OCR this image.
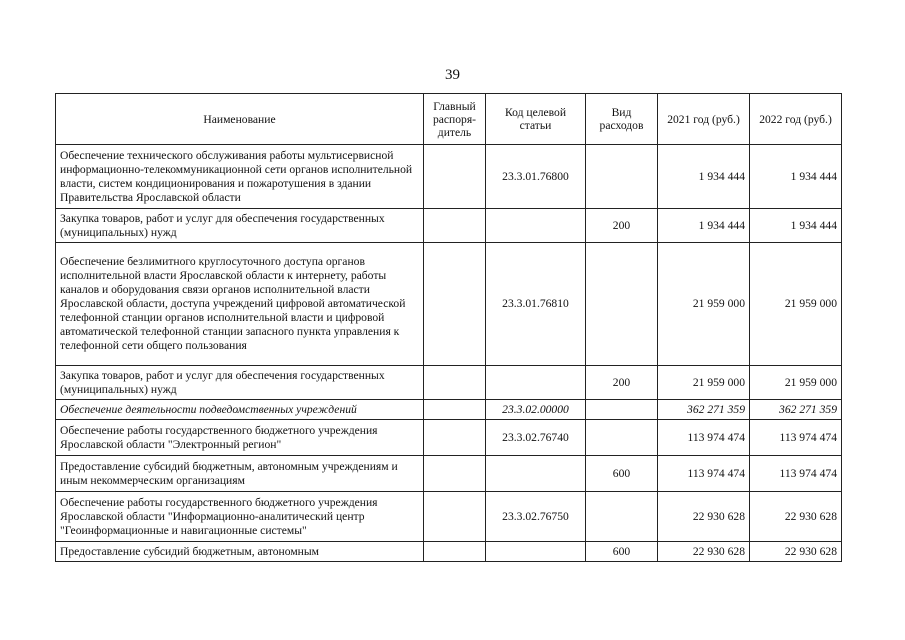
39
Наименование	Главный распоря- дитель	Код целевой статьи	Вид расходов	2021 год (руб.)	2022 год (руб.)
Обеспечение технического обслуживания работы мультисервисной информационно-телекоммуникационной сети органов исполнительной власти, систем кондиционирования и пожаротушения в здании Правительства Ярославской области		23.3.01.76800		1 934 444	1 934 444
Закупка товаров, работ и услуг для обеспечения государственных (муниципальных) нужд			200	1 934 444	1 934 444
Обеспечение безлимитного круглосуточного доступа органов исполнительной власти Ярославской области к интернету, работы каналов и оборудования связи органов исполнительной власти Ярославской области, доступа учреждений цифровой автоматической телефонной станции органов исполнительной власти и цифровой автоматической телефонной станции запасного пункта управления к телефонной сети общего пользования		23.3.01.76810		21 959 000	21 959 000
Закупка товаров, работ и услуг для обеспечения государственных (муниципальных) нужд			200	21 959 000	21 959 000
Обеспечение деятельности подведомственных учреждений		23.3.02.00000		362 271 359	362 271 359
Обеспечение работы государственного бюджетного учреждения Ярославской области "Электронный регион"		23.3.02.76740		113 974 474	113 974 474
Предоставление субсидий бюджетным, автономным учреждениям и иным некоммерческим организациям			600	113 974 474	113 974 474
Обеспечение работы государственного бюджетного учреждения Ярославской области "Информационно-аналитический центр "Геоинформационные и навигационные системы"		23.3.02.76750		22 930 628	22 930 628
Предоставление субсидий бюджетным, автономным			600	22 930 628	22 930 628
